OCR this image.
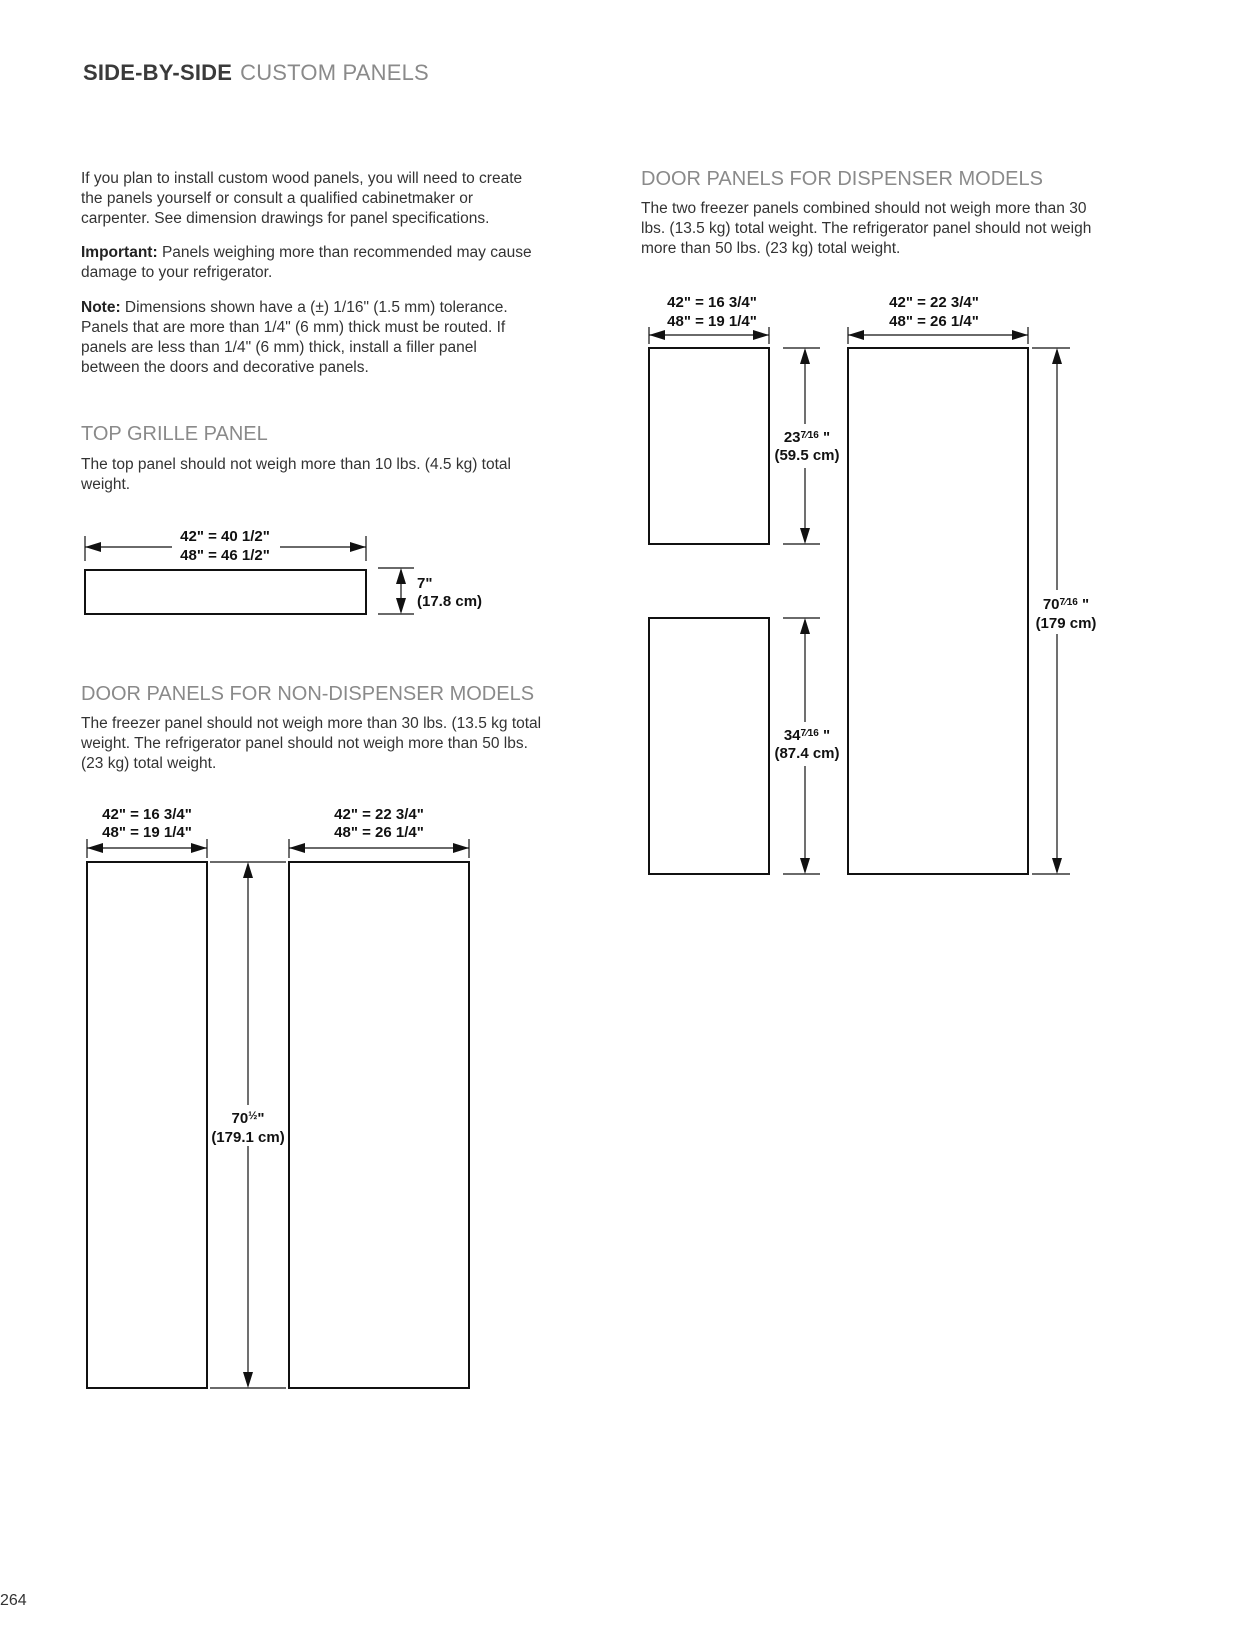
SIDE-BY-SIDE CUSTOM PANELS

If you plan to install custom wood panels, you will need to create the panels yourself or consult a qualified cabinetmaker or carpenter. See dimension drawings for panel specifications.

Important: Panels weighing more than recommended may cause damage to your refrigerator.

Note: Dimensions shown have a (±) 1/16" (1.5 mm) tolerance. Panels that are more than 1/4" (6 mm) thick must be routed. If panels are less than 1/4" (6 mm) thick, install a filler panel between the doors and decorative panels.

TOP GRILLE PANEL
The top panel should not weigh more than 10 lbs. (4.5 kg) total weight.
42" = 40 1/2"
48" = 46 1/2"
7"
(17.8 cm)
42" = 16 3/4"
48" = 19 1/4"
42" = 22 3/4"
48" = 26 1/4"
$70^{\frac{1}{2}}$"
(179.1 cm)
42" = 16 3/4"
48" = 19 1/4"
42" = 22 3/4"
48" = 26 1/4"
$23^{7⁄16}$ "
(59.5 cm)
$34^{7⁄16}$ "
(87.4 cm)
$70^{7⁄16}$ "
(179 cm)
DOOR PANELS FOR NON-DISPENSER MODELS
The freezer panel should not weigh more than 30 lbs. (13.5 kg total weight. The refrigerator panel should not weigh more than 50 lbs. (23 kg) total weight.
DOOR PANELS FOR DISPENSER MODELS
The two freezer panels combined should not weigh more than 30 lbs. (13.5 kg) total weight. The refrigerator panel should not weigh more than 50 lbs. (23 kg) total weight.
264
